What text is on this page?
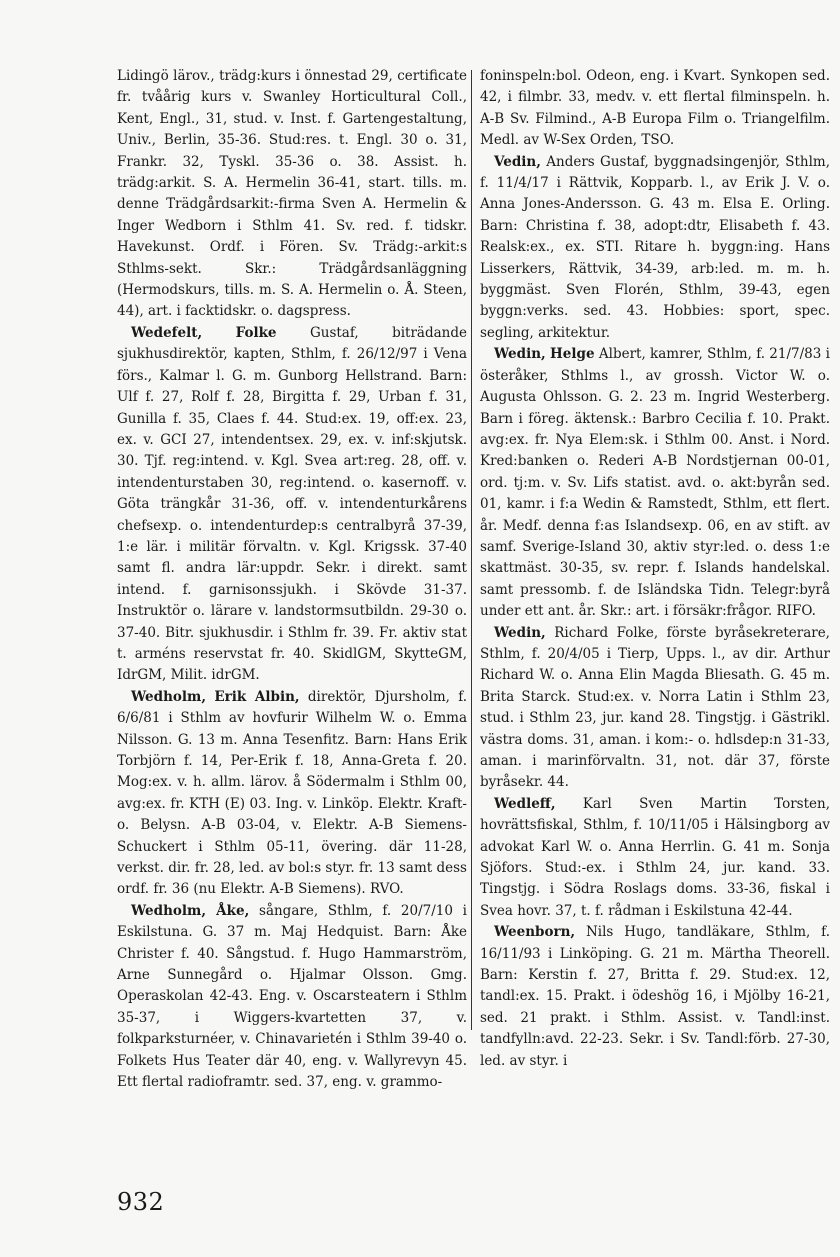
Lidingö lärov., trädg:kurs i önnestad 29, certificate fr. tvåårig kurs v. Swanley Horticultural Coll., Kent, Engl., 31, stud. v. Inst. f. Gartengestaltung, Univ., Berlin, 35-36. Stud:res. t. Engl. 30 o. 31, Frankr. 32, Tyskl. 35-36 o. 38. Assist. h. trädg:arkit. S. A. Hermelin 36-41, start. tills. m. denne Trädgårdsarkit:-firma Sven A. Hermelin & Inger Wedborn i Sthlm 41. Sv. red. f. tidskr. Havekunst. Ordf. i Fören. Sv. Trädg:-arkit:s Sthlms-sekt. Skr.: Trädgårdsanläggning (Hermodskurs, tills. m. S. A. Hermelin o. Å. Steen, 44), art. i facktidskr. o. dagspress.

Wedefelt, Folke Gustaf, biträdande sjukhusdirektör, kapten, Sthlm, f. 26/12/97 i Vena förs., Kalmar l. G. m. Gunborg Hellstrand. Barn: Ulf f. 27, Rolf f. 28, Birgitta f. 29, Urban f. 31, Gunilla f. 35, Claes f. 44. Stud:ex. 19, off:ex. 23, ex. v. GCI 27, intendentsex. 29, ex. v. inf:skjutsk. 30. Tjf. reg:intend. v. Kgl. Svea art:reg. 28, off. v. intendenturstaben 30, reg:intend. o. kasernoff. v. Göta trängkår 31-36, off. v. intendenturkårens chefsexp. o. intendenturdep:s centralbyrå 37-39, 1:e lär. i militär förvaltn. v. Kgl. Krigssk. 37-40 samt fl. andra lär:uppdr. Sekr. i direkt. samt intend. f. garnisonssjukh. i Skövde 31-37. Instruktör o. lärare v. landstormsutbildn. 29-30 o. 37-40. Bitr. sjukhusdir. i Sthlm fr. 39. Fr. aktiv stat t. arméns reservstat fr. 40. SkidlGM, SkytteGM, IdrGM, Milit. idrGM.

Wedholm, Erik Albin, direktör, Djursholm, f. 6/6/81 i Sthlm av hovfurir Wilhelm W. o. Emma Nilsson. G. 13 m. Anna Tesenfitz. Barn: Hans Erik Torbjörn f. 14, Per-Erik f. 18, Anna-Greta f. 20. Mog:ex. v. h. allm. lärov. å Södermalm i Sthlm 00, avg:ex. fr. KTH (E) 03. Ing. v. Linköp. Elektr. Kraft- o. Belysn. A-B 03-04, v. Elektr. A-B Siemens-Schuckert i Sthlm 05-11, övering. där 11-28, verkst. dir. fr. 28, led. av bol:s styr. fr. 13 samt dess ordf. fr. 36 (nu Elektr. A-B Siemens). RVO.

Wedholm, Åke, sångare, Sthlm, f. 20/7/10 i Eskilstuna. G. 37 m. Maj Hedquist. Barn: Åke Christer f. 40. Sångstud. f. Hugo Hammarström, Arne Sunnegård o. Hjalmar Olsson. Gmg. Operaskolan 42-43. Eng. v. Oscarsteatern i Sthlm 35-37, i Wiggers-kvartetten 37, v. folkparksturnéer, v. Chinavarietén i Sthlm 39-40 o. Folkets Hus Teater där 40, eng. v. Wallyrevyn 45. Ett flertal radioframtr. sed. 37, eng. v. grammo-

foninspeln:bol. Odeon, eng. i Kvart. Synkopen sed. 42, i filmbr. 33, medv. v. ett flertal filminspeln. h. A-B Sv. Filmind., A-B Europa Film o. Triangelfilm. Medl. av W-Sex Orden, TSO.

Vedin, Anders Gustaf, byggnadsingenjör, Sthlm, f. 11/4/17 i Rättvik, Kopparb. l., av Erik J. V. o. Anna Jones-Andersson. G. 43 m. Elsa E. Orling. Barn: Christina f. 38, adopt:dtr, Elisabeth f. 43. Realsk:ex., ex. STI. Ritare h. byggn:ing. Hans Lisserkers, Rättvik, 34-39, arb:led. m. m. h. byggmäst. Sven Florén, Sthlm, 39-43, egen byggn:verks. sed. 43. Hobbies: sport, spec. segling, arkitektur.

Wedin, Helge Albert, kamrer, Sthlm, f. 21/7/83 i österåker, Sthlms l., av grossh. Victor W. o. Augusta Ohlsson. G. 2. 23 m. Ingrid Westerberg. Barn i föreg. äktensk.: Barbro Cecilia f. 10. Prakt. avg:ex. fr. Nya Elem:sk. i Sthlm 00. Anst. i Nord. Kred:banken o. Rederi A-B Nordstjernan 00-01, ord. tj:m. v. Sv. Lifs statist. avd. o. akt:byrån sed. 01, kamr. i f:a Wedin & Ramstedt, Sthlm, ett flert. år. Medf. denna f:as Islandsexp. 06, en av stift. av samf. Sverige-Island 30, aktiv styr:led. o. dess 1:e skattmäst. 30-35, sv. repr. f. Islands handelskal. samt pressomb. f. de Isländska Tidn. Telegr:byrå under ett ant. år. Skr.: art. i försäkr:frågor. RIFO.

Wedin, Richard Folke, förste byråsekreterare, Sthlm, f. 20/4/05 i Tierp, Upps. l., av dir. Arthur Richard W. o. Anna Elin Magda Bliesath. G. 45 m. Brita Starck. Stud:ex. v. Norra Latin i Sthlm 23, stud. i Sthlm 23, jur. kand 28. Tingstjg. i Gästrikl. västra doms. 31, aman. i kom:- o. hdlsdep:n 31-33, aman. i marinförvaltn. 31, not. där 37, förste byråsekr. 44.

Wedleff, Karl Sven Martin Torsten, hovrättsfiskal, Sthlm, f. 10/11/05 i Hälsingborg av advokat Karl W. o. Anna Herrlin. G. 41 m. Sonja Sjöfors. Stud:-ex. i Sthlm 24, jur. kand. 33. Tingstjg. i Södra Roslags doms. 33-36, fiskal i Svea hovr. 37, t. f. rådman i Eskilstuna 42-44.

Weenborn, Nils Hugo, tandläkare, Sthlm, f. 16/11/93 i Linköping. G. 21 m. Märtha Theorell. Barn: Kerstin f. 27, Britta f. 29. Stud:ex. 12, tandl:ex. 15. Prakt. i ödeshög 16, i Mjölby 16-21, sed. 21 prakt. i Sthlm. Assist. v. Tandl:inst. tandfylln:avd. 22-23. Sekr. i Sv. Tandl:förb. 27-30, led. av styr. i

932
